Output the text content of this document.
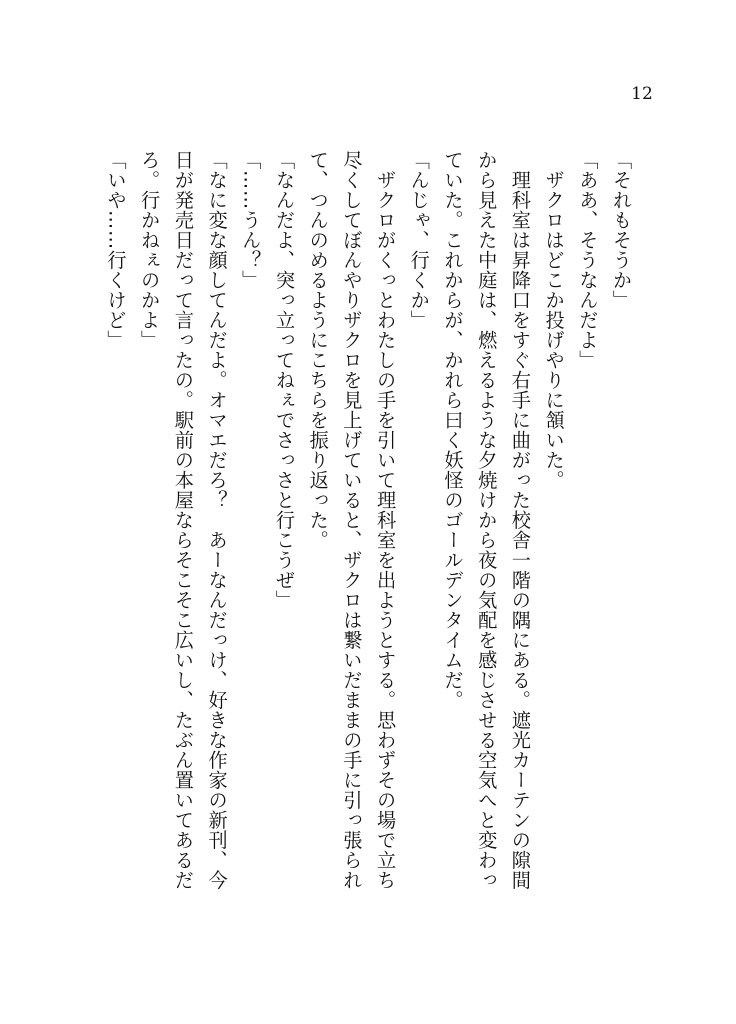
12
「それもそうか」
「ああ、そうなんだよ」
　ザクロはどこか投げやりに頷いた。
　理科室は昇降口をすぐ右手に曲がった校舎一階の隅にある。遮光カーテンの隙間
から見えた中庭は、燃えるような夕焼けから夜の気配を感じさせる空気へと変わっ
ていた。これからが、かれら曰く妖怪のゴールデンタイムだ。
「んじゃ、行くか」
　ザクロがくっとわたしの手を引いて理科室を出ようとする。思わずその場で立ち
尽くしてぼんやりザクロを見上げていると、ザクロは繋いだままの手に引っ張られ
て、つんのめるようにこちらを振り返った。
「なんだよ、突っ立ってねぇでさっさと行こうぜ」
「……うん？」
「なに変な顔してんだよ。オマエだろ？　あーなんだっけ、好きな作家の新刊、今
日が発売日だって言ったの。駅前の本屋ならそこそこ広いし、たぶん置いてあるだ
ろ。行かねぇのかよ」
「いや……行くけど」
